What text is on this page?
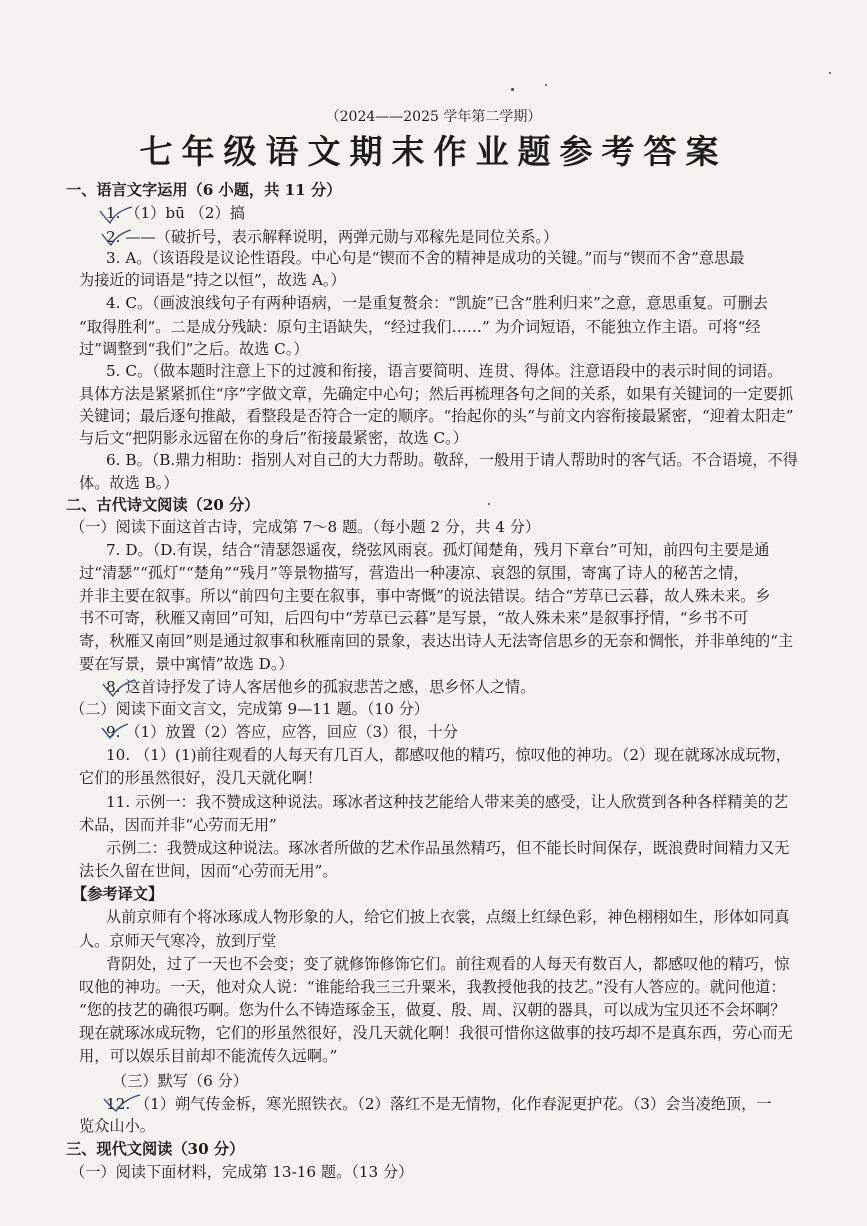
（2024——2025 学年第二学期）
七年级语文期末作业题参考答案
一、语言文字运用（6 小题，共 11 分）
1. （1）bū （2）搞
2. ——（破折号，表示解释说明，两弹元勋与邓稼先是同位关系。）
3. A。（该语段是议论性语段。中心句是“锲而不舍的精神是成功的关键。”而与“锲而不舍”意思最
为接近的词语是“持之以恒”，故选 A。）
4. C。（画波浪线句子有两种语病，一是重复赘余：“凯旋”已含“胜利归来”之意，意思重复。可删去
“取得胜利”。二是成分残缺：原句主语缺失，“经过我们……” 为介词短语，不能独立作主语。可将“经
过”调整到“我们”之后。故选 C。）
5. C。（做本题时注意上下的过渡和衔接，语言要简明、连贯、得体。注意语段中的表示时间的词语。
具体方法是紧紧抓住“序”字做文章，先确定中心句；然后再梳理各句之间的关系，如果有关键词的一定要抓
关键词；最后逐句推敲，看整段是否符合一定的顺序。“抬起你的头”与前文内容衔接最紧密，“迎着太阳走”
与后文“把阴影永远留在你的身后”衔接最紧密，故选 C。）
6. B。（B.鼎力相助：指别人对自己的大力帮助。敬辞，一般用于请人帮助时的客气话。不合语境，不得
体。故选 B。）
二、古代诗文阅读（20 分）
（一）阅读下面这首古诗，完成第 7～8 题。（每小题 2 分，共 4 分）
7. D。（D.有误，结合“清瑟怨遥夜，绕弦风雨哀。孤灯闻楚角，残月下章台”可知，前四句主要是通
过“清瑟”“孤灯”“楚角”“残月”等景物描写，营造出一种凄凉、哀怨的氛围，寄寓了诗人的秘苦之情，
并非主要在叙事。所以“前四句主要在叙事，事中寄慨”的说法错误。结合“芳草已云暮，故人殊未来。乡
书不可寄，秋雁又南回”可知，后四句中“芳草已云暮”是写景，“故人殊未来”是叙事抒情，“乡书不可
寄，秋雁又南回”则是通过叙事和秋雁南回的景象，表达出诗人无法寄信思乡的无奈和惆怅，并非单纯的“主
要在写景，景中寓情”故选 D。）
8. 这首诗抒发了诗人客居他乡的孤寂悲苦之感，思乡怀人之情。
（二）阅读下面文言文，完成第 9—11 题。（10 分）
9. （1）放置（2）答应，应答，回应（3）很，十分
10. （1）(1)前往观看的人每天有几百人，都感叹他的精巧，惊叹他的神功。（2）现在就琢冰成玩物，
它们的形虽然很好，没几天就化啊！
11. 示例一：我不赞成这种说法。琢冰者这种技艺能给人带来美的感受，让人欣赏到各种各样精美的艺
术品，因而并非“心劳而无用”
示例二：我赞成这种说法。琢冰者所做的艺术作品虽然精巧，但不能长时间保存，既浪费时间精力又无
法长久留在世间，因而“心劳而无用”。
【参考译文】
从前京师有个将冰琢成人物形象的人，给它们披上衣裳，点缀上红绿色彩，神色栩栩如生，形体如同真
人。京师天气寒冷，放到厅堂
背阴处，过了一天也不会变；变了就修饰修饰它们。前往观看的人每天有数百人，都感叹他的精巧，惊
叹他的神功。一天，他对众人说：“谁能给我三三升粟米，我教授他我的技艺。”没有人答应的。就问他道：
“您的技艺的确很巧啊。您为什么不铸造琢金玉，做夏、殷、周、汉朝的器具，可以成为宝贝还不会坏啊？
现在就琢冰成玩物，它们的形虽然很好，没几天就化啊！我很可惜你这做事的技巧却不是真东西，劳心而无
用，可以娱乐目前却不能流传久远啊。”
（三）默写（6 分）
12. （1）朔气传金柝，寒光照铁衣。（2）落红不是无情物，化作春泥更护花。（3）会当凌绝顶，一
览众山小。
三、现代文阅读（30 分）
（一）阅读下面材料，完成第 13-16 题。（13 分）
